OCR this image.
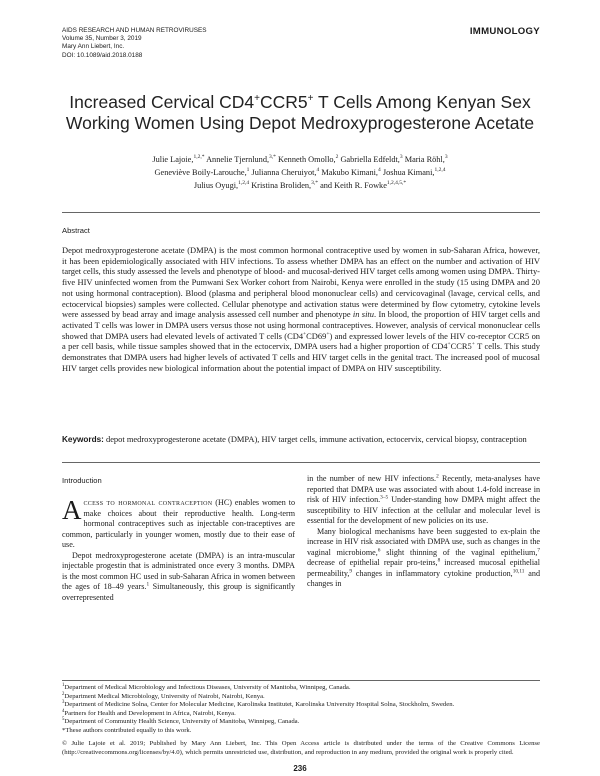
AIDS RESEARCH AND HUMAN RETROVIRUSES
Volume 35, Number 3, 2019
Mary Ann Liebert, Inc.
DOI: 10.1089/aid.2018.0188
IMMUNOLOGY
Increased Cervical CD4+CCR5+ T Cells Among Kenyan Sex
Working Women Using Depot Medroxyprogesterone Acetate
Julie Lajoie,$^{1,2,*}$ Annelie Tjernlund,$^{3,*}$ Kenneth Omollo,$^2$ Gabriella Edfeldt,$^3$ Maria Röhl,$^3$
Geneviève Boily-Larouche,$^1$ Julianna Cheruiyot,$^4$ Makubo Kimani,$^4$ Joshua Kimani,$^{1,2,4}$
Julius Oyugi,$^{1,2,4}$ Kristina Broliden,$^{3,*}$ and Keith R. Fowke$^{1,2,4,5,*}$
Abstract
Depot medroxyprogesterone acetate (DMPA) is the most common hormonal contraceptive used by women in sub-Saharan Africa, however, it has been epidemiologically associated with HIV infections. To assess whether DMPA has an effect on the number and activation of HIV target cells, this study assessed the levels and phenotype of blood- and mucosal-derived HIV target cells among women using DMPA. Thirty-five HIV uninfected women from the Pumwani Sex Worker cohort from Nairobi, Kenya were enrolled in the study (15 using DMPA and 20 not using hormonal contraception). Blood (plasma and peripheral blood mononuclear cells) and cervicovaginal (lavage, cervical cells, and ectocervical biopsies) samples were collected. Cellular phenotype and activation status were determined by flow cytometry, cytokine levels were assessed by bead array and image analysis assessed cell number and phenotype in situ. In blood, the proportion of HIV target cells and activated T cells was lower in DMPA users versus those not using hormonal contraceptives. However, analysis of cervical mononuclear cells showed that DMPA users had elevated levels of activated T cells (CD4+CD69+) and expressed lower levels of the HIV co-receptor CCR5 on a per cell basis, while tissue samples showed that in the ectocervix, DMPA users had a higher proportion of CD4+CCR5+ T cells. This study demonstrates that DMPA users had higher levels of activated T cells and HIV target cells in the genital tract. The increased pool of mucosal HIV target cells provides new biological information about the potential impact of DMPA on HIV susceptibility.
Keywords: depot medroxyprogesterone acetate (DMPA), HIV target cells, immune activation, ectocervix, cervical biopsy, contraception
Introduction

Access to hormonal contraception (HC) enables women to make choices about their reproductive health. Long-term hormonal contraceptives such as injectable con-traceptives are common, particularly in younger women, mostly due to their ease of use.

Depot medroxyprogesterone acetate (DMPA) is an intra-muscular injectable progestin that is administrated once every 3 months. DMPA is the most common HC used in sub-Saharan Africa in women between the ages of 18–49 years.$^1$ Simultaneously, this group is significantly overrepresented

in the number of new HIV infections.$^2$ Recently, meta-analyses have reported that DMPA use was associated with about 1.4-fold increase in risk of HIV infection.$^{3-5}$ Under-standing how DMPA might affect the susceptibility to HIV infection at the cellular and molecular level is essential for the development of new policies on its use.

Many biological mechanisms have been suggested to ex-plain the increase in HIV risk associated with DMPA use, such as changes in the vaginal microbiome,$^6$ slight thinning of the vaginal epithelium,$^7$ decrease of epithelial repair pro-teins,$^8$ increased mucosal epithelial permeability,$^9$ changes in inflammatory cytokine production,$^{10,11}$ and changes in

$^1$Department of Medical Microbiology and Infectious Diseases, University of Manitoba, Winnipeg, Canada.
$^2$Department Medical Microbiology, University of Nairobi, Nairobi, Kenya.
$^3$Department of Medicine Solna, Center for Molecular Medicine, Karolinska Institutet, Karolinska University Hospital Solna, Stockholm, Sweden.
$^4$Partners for Health and Development in Africa, Nairobi, Kenya.
$^5$Department of Community Health Science, University of Manitoba, Winnipeg, Canada.
*These authors contributed equally to this work.
© Julie Lajoie et al. 2019; Published by Mary Ann Liebert, Inc. This Open Access article is distributed under the terms of the Creative Commons License (http://creativecommons.org/licenses/by/4.0), which permits unrestricted use, distribution, and reproduction in any medium, provided the original work is properly cited.
236
